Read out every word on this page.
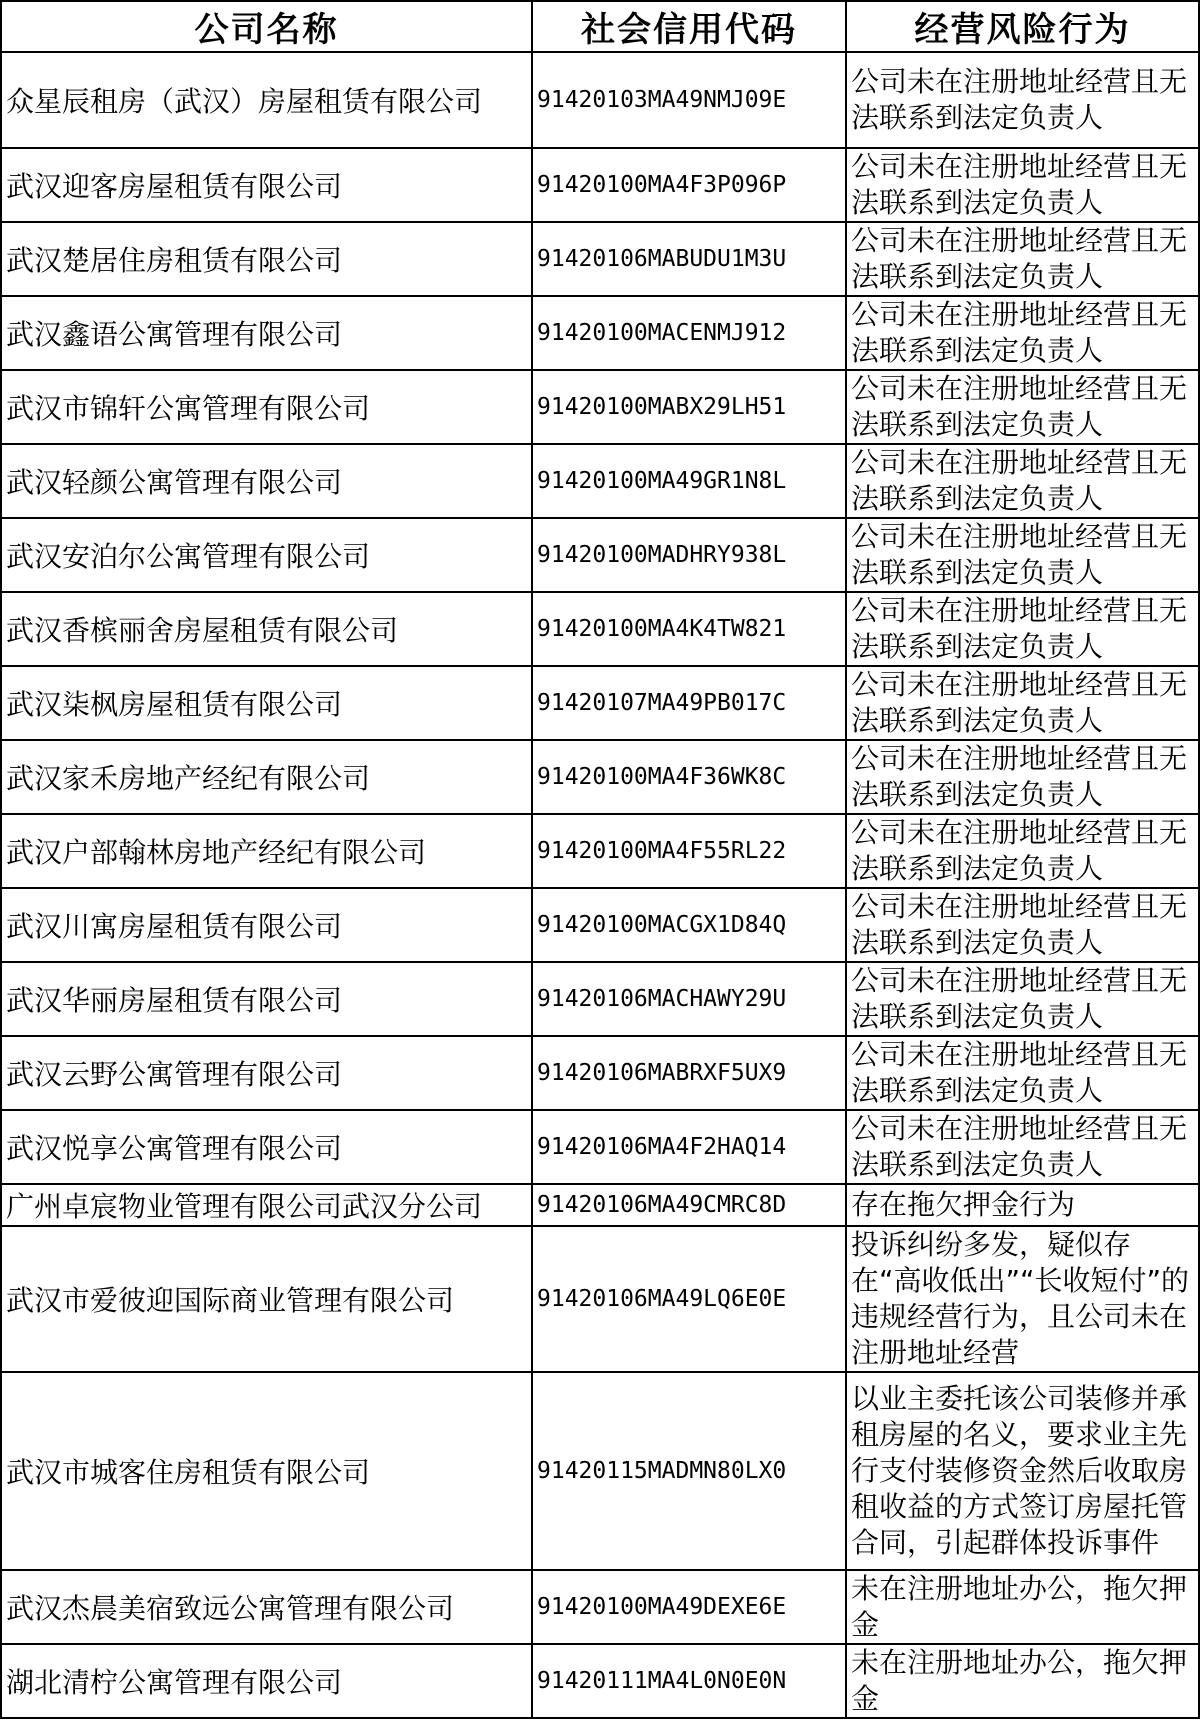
公司名称	社会信用代码	经营风险行为
众星辰租房（武汉）房屋租赁有限公司	91420103MA49NMJ09E	公司未在注册地址经营且无法联系到法定负责人
武汉迎客房屋租赁有限公司	91420100MA4F3P096P	公司未在注册地址经营且无法联系到法定负责人
武汉楚居住房租赁有限公司	91420106MABUDU1M3U	公司未在注册地址经营且无法联系到法定负责人
武汉鑫语公寓管理有限公司	91420100MACENMJ912	公司未在注册地址经营且无法联系到法定负责人
武汉市锦轩公寓管理有限公司	91420100MABX29LH51	公司未在注册地址经营且无法联系到法定负责人
武汉轻颜公寓管理有限公司	91420100MA49GR1N8L	公司未在注册地址经营且无法联系到法定负责人
武汉安泊尔公寓管理有限公司	91420100MADHRY938L	公司未在注册地址经营且无法联系到法定负责人
武汉香槟丽舍房屋租赁有限公司	91420100MA4K4TW821	公司未在注册地址经营且无法联系到法定负责人
武汉柒枫房屋租赁有限公司	91420107MA49PB017C	公司未在注册地址经营且无法联系到法定负责人
武汉家禾房地产经纪有限公司	91420100MA4F36WK8C	公司未在注册地址经营且无法联系到法定负责人
武汉户部翰林房地产经纪有限公司	91420100MA4F55RL22	公司未在注册地址经营且无法联系到法定负责人
武汉川寓房屋租赁有限公司	91420100MACGX1D84Q	公司未在注册地址经营且无法联系到法定负责人
武汉华丽房屋租赁有限公司	91420106MACHAWY29U	公司未在注册地址经营且无法联系到法定负责人
武汉云野公寓管理有限公司	91420106MABRXF5UX9	公司未在注册地址经营且无法联系到法定负责人
武汉悦享公寓管理有限公司	91420106MA4F2HAQ14	公司未在注册地址经营且无法联系到法定负责人
广州卓宸物业管理有限公司武汉分公司	91420106MA49CMRC8D	存在拖欠押金行为
武汉市爱彼迎国际商业管理有限公司	91420106MA49LQ6E0E	投诉纠纷多发，疑似存在“高收低出”“长收短付”的违规经营行为，且公司未在注册地址经营
武汉市城客住房租赁有限公司	91420115MADMN80LX0	以业主委托该公司装修并承租房屋的名义，要求业主先行支付装修资金然后收取房租收益的方式签订房屋托管合同，引起群体投诉事件
武汉杰晨美宿致远公寓管理有限公司	91420100MA49DEXE6E	未在注册地址办公，拖欠押金
湖北清柠公寓管理有限公司	91420111MA4L0N0E0N	未在注册地址办公，拖欠押金
